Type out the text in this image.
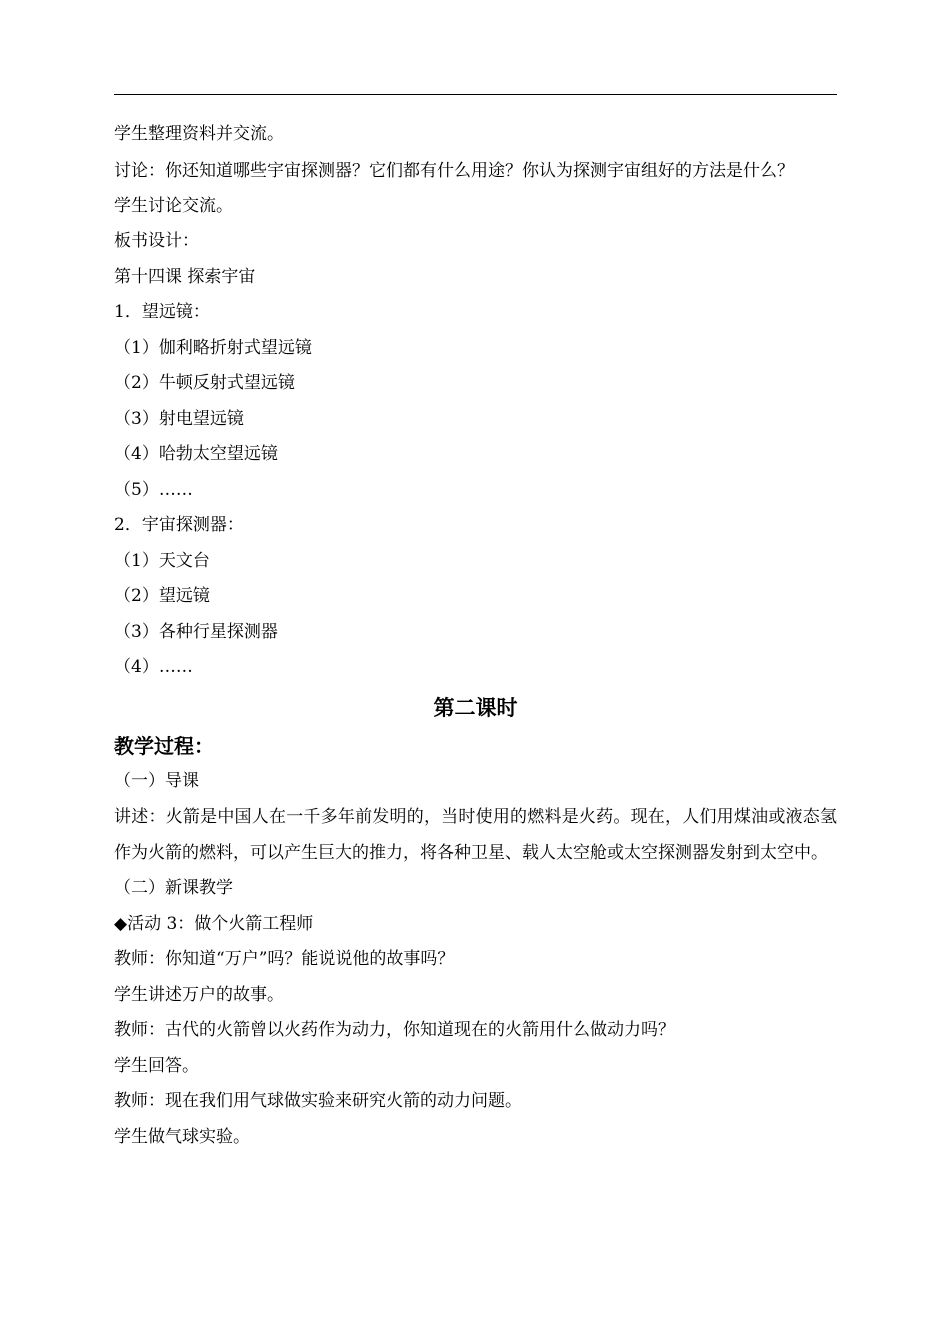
学生整理资料并交流。

讨论：你还知道哪些宇宙探测器？它们都有什么用途？你认为探测宇宙组好的方法是什么？

学生讨论交流。

板书设计：

第十四课 探索宇宙

1．望远镜：

（1）伽利略折射式望远镜

（2）牛顿反射式望远镜

（3）射电望远镜

（4）哈勃太空望远镜

（5）……

2．宇宙探测器：

（1）天文台

（2）望远镜

（3）各种行星探测器

（4）……

第二课时
教学过程：

（一）导课

讲述：火箭是中国人在一千多年前发明的，当时使用的燃料是火药。现在，人们用煤油或液态氢作为火箭的燃料，可以产生巨大的推力，将各种卫星、载人太空舱或太空探测器发射到太空中。

（二）新课教学

◆活动 3：做个火箭工程师

教师：你知道“万户”吗？能说说他的故事吗？

学生讲述万户的故事。

教师：古代的火箭曾以火药作为动力，你知道现在的火箭用什么做动力吗？

学生回答。

教师：现在我们用气球做实验来研究火箭的动力问题。

学生做气球实验。
